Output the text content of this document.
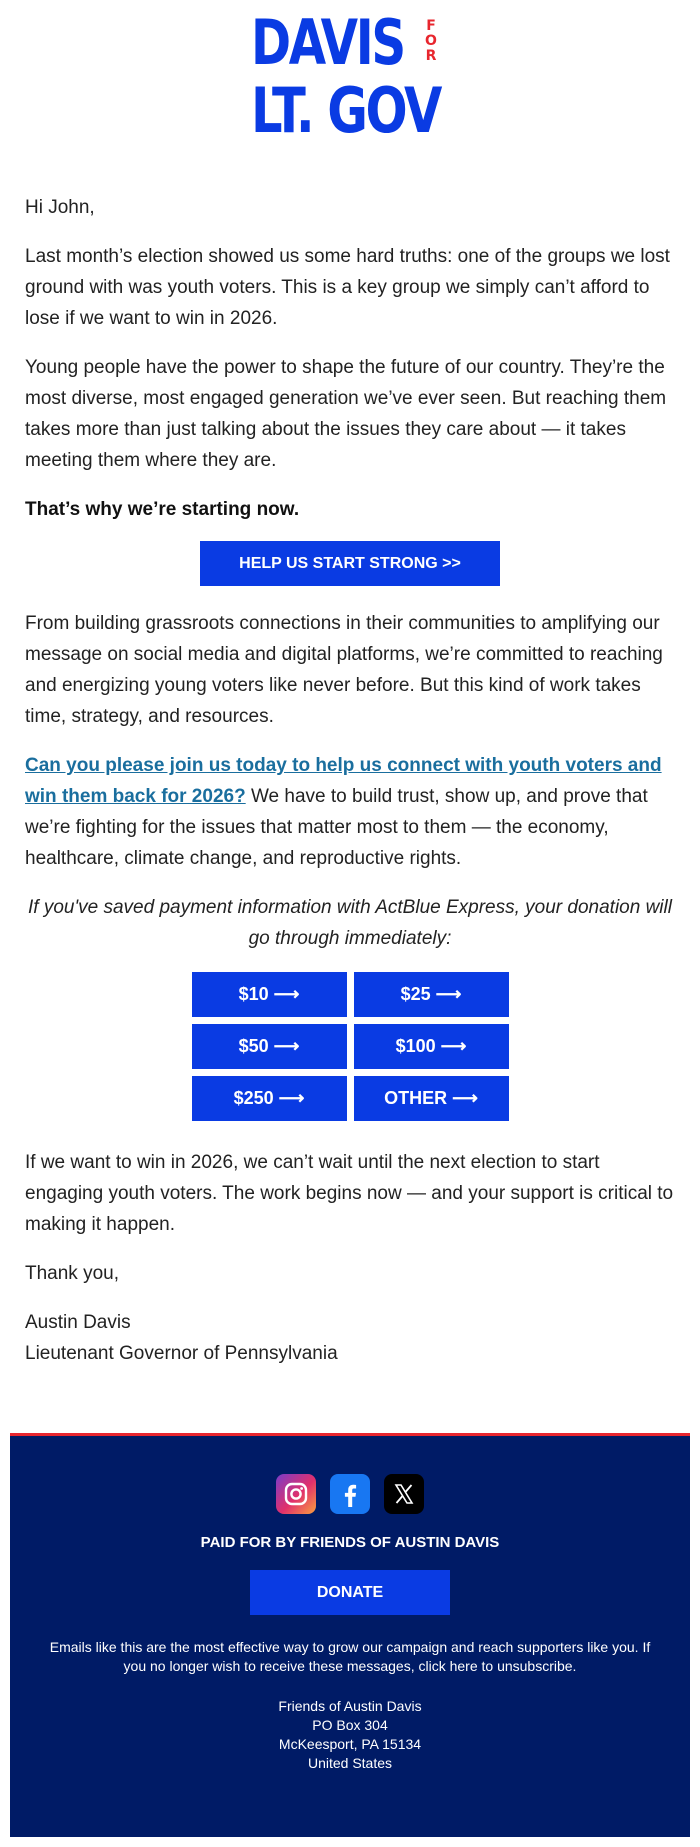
DAVIS F
O
R
LT. GOV

Hi John,

Last month’s election showed us some hard truths: one of the groups we lost ground with was youth voters. This is a key group we simply can’t afford to lose if we want to win in 2026.

Young people have the power to shape the future of our country. They’re the most diverse, most engaged generation we’ve ever seen. But reaching them takes more than just talking about the issues they care about — it takes meeting them where they are.

That’s why we’re starting now.

HELP US START STRONG >>

From building grassroots connections in their communities to amplifying our message on social media and digital platforms, we’re committed to reaching and energizing young voters like never before. But this kind of work takes time, strategy, and resources.

Can you please join us today to help us connect with youth voters and win them back for 2026? We have to build trust, show up, and prove that we’re fighting for the issues that matter most to them — the economy, healthcare, climate change, and reproductive rights.

If you've saved payment information with ActBlue Express, your donation will go through immediately:

$10 ⟶	$25 ⟶
$50 ⟶	$100 ⟶
$250 ⟶	OTHER ⟶

If we want to win in 2026, we can’t wait until the next election to start engaging youth voters. The work begins now — and your support is critical to making it happen.

Thank you,

Austin Davis
Lieutenant Governor of Pennsylvania

PAID FOR BY FRIENDS OF AUSTIN DAVIS
DONATE
Emails like this are the most effective way to grow our campaign and reach supporters like you. If you no longer wish to receive these messages, click here to unsubscribe.
Friends of Austin Davis
PO Box 304
McKeesport, PA 15134
United States
